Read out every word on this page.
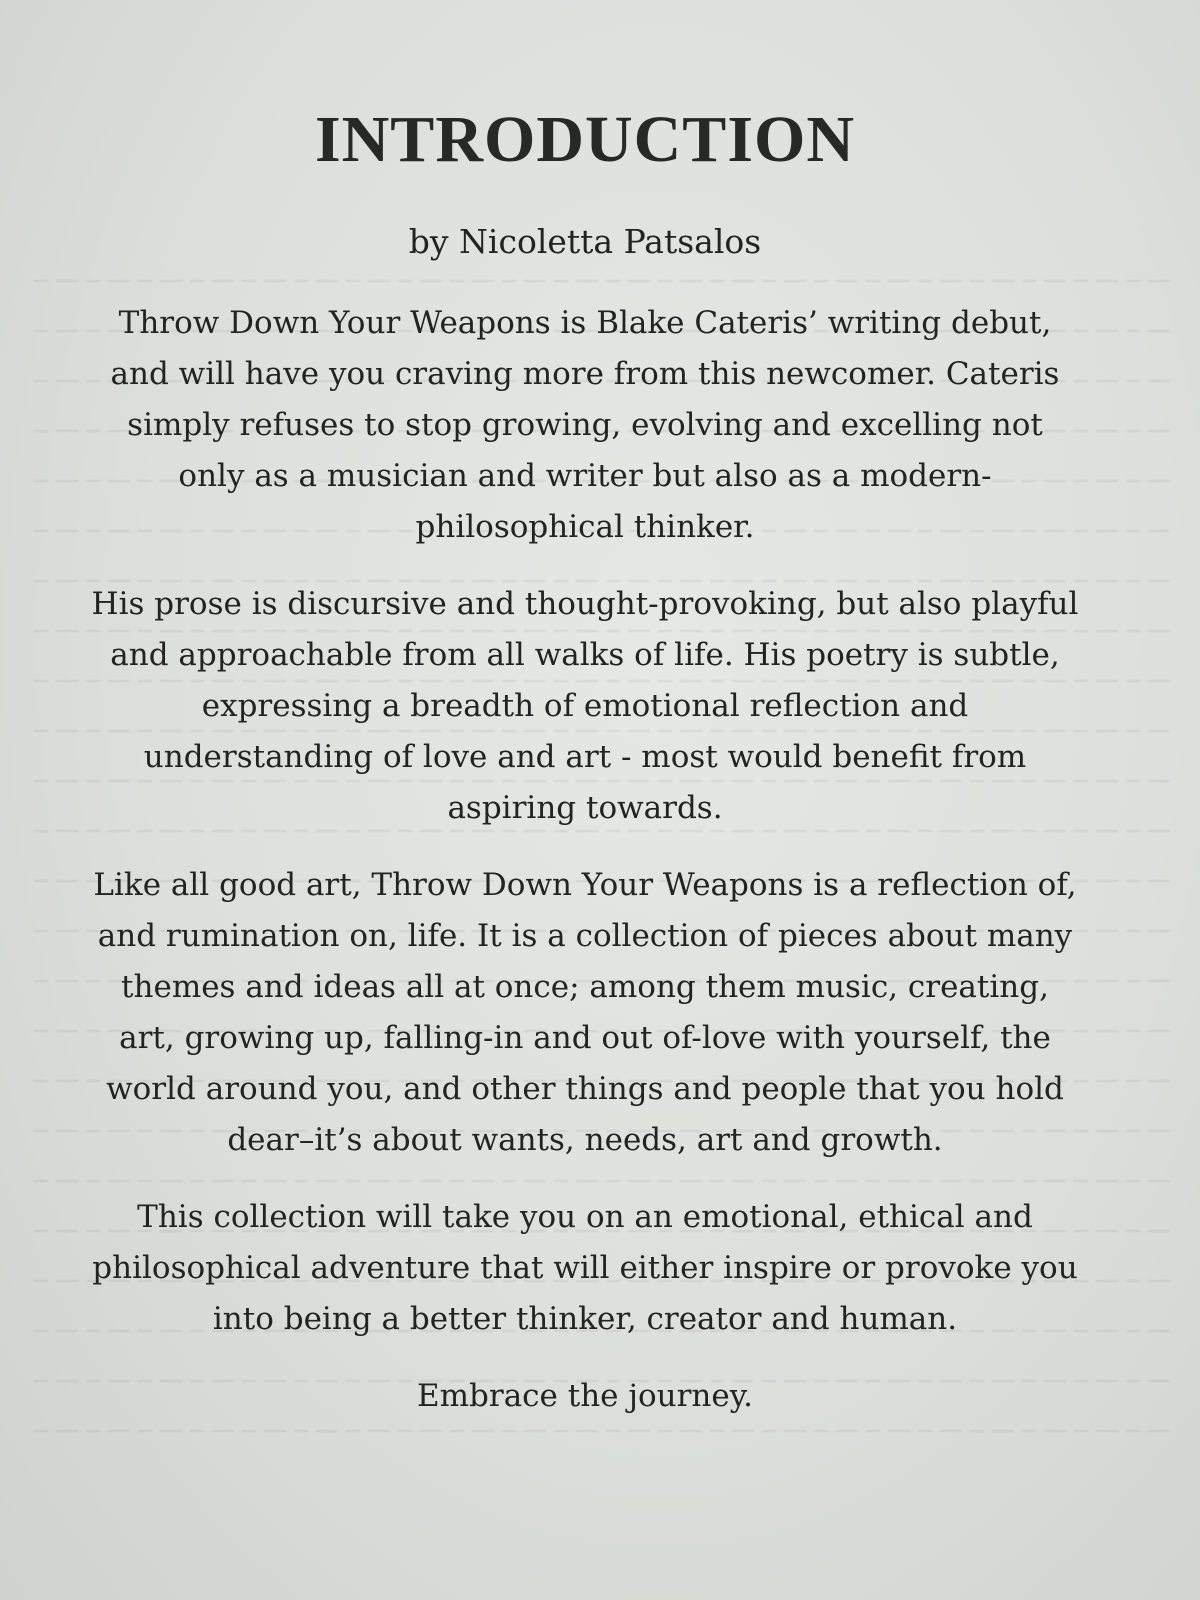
INTRODUCTION
by Nicoletta Patsalos

Throw Down Your Weapons is Blake Cateris’ writing debut, and will have you craving more from this newcomer. Cateris simply refuses to stop growing, evolving and excelling not only as a musician and writer but also as a modern-philosophical thinker.

His prose is discursive and thought-provoking, but also playful and approachable from all walks of life. His poetry is subtle, expressing a breadth of emotional reflection and understanding of love and art - most would benefit from aspiring towards.

Like all good art, Throw Down Your Weapons is a reflection of, and rumination on, life. It is a collection of pieces about many themes and ideas all at once; among them music, creating, art, growing up, falling-in and out of-love with yourself, the world around you, and other things and people that you hold dear–it’s about wants, needs, art and growth.

This collection will take you on an emotional, ethical and philosophical adventure that will either inspire or provoke you into being a better thinker, creator and human.

Embrace the journey.
